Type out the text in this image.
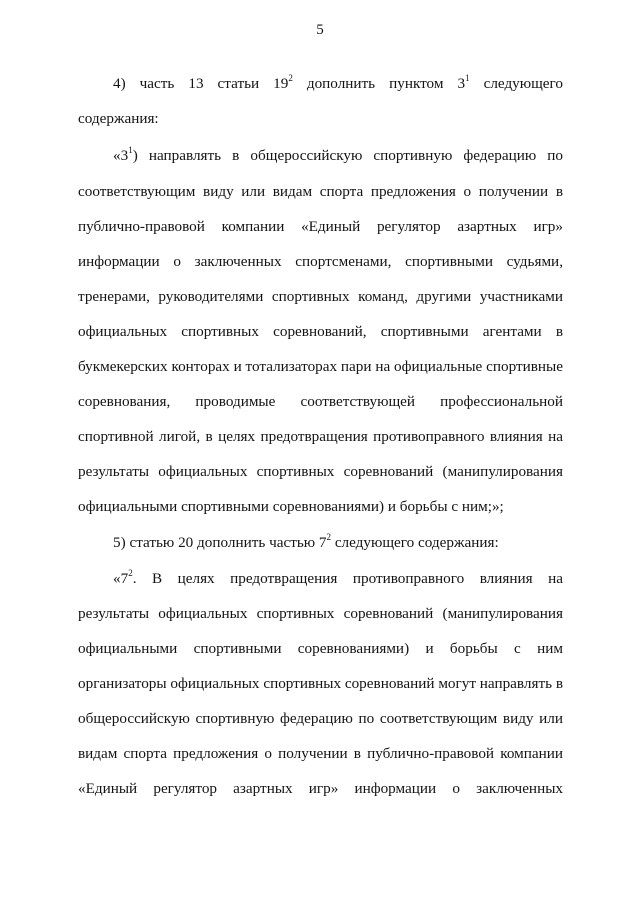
5
4) часть 13 статьи $19^2$ дополнить пунктом $3^1$ следующего
содержания:
«$3^1$) направлять в общероссийскую спортивную федерацию по
соответствующим виду или видам спорта предложения о получении в
публично-правовой компании «Единый регулятор азартных игр»
информации о заключенных спортсменами, спортивными судьями,
тренерами, руководителями спортивных команд, другими участниками
официальных спортивных соревнований, спортивными агентами в
букмекерских конторах и тотализаторах пари на официальные спортивные
соревнования, проводимые соответствующей профессиональной
спортивной лигой, в целях предотвращения противоправного влияния на
результаты официальных спортивных соревнований (манипулирования
официальными спортивными соревнованиями) и борьбы с ним;»;
5) статью 20 дополнить частью $7^2$ следующего содержания:
«$7^2$. В целях предотвращения противоправного влияния на
результаты официальных спортивных соревнований (манипулирования
официальными спортивными соревнованиями) и борьбы с ним
организаторы официальных спортивных соревнований могут направлять в
общероссийскую спортивную федерацию по соответствующим виду или
видам спорта предложения о получении в публично-правовой компании
«Единый регулятор азартных игр» информации о заключенных
